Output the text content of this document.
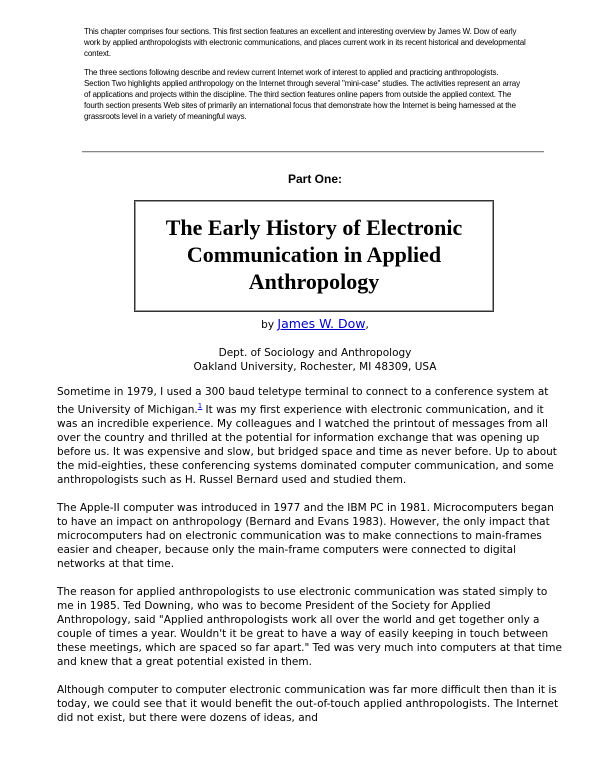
This chapter comprises four sections. This first section features an excellent and interesting overview by James W. Dow of early work by applied anthropologists with electronic communications, and places current work in its recent historical and developmental context.

The three sections following describe and review current Internet work of interest to applied and practicing anthropologists. Section Two highlights applied anthropology on the Internet through several "mini-case" studies. The activities represent an array of applications and projects within the discipline. The third section features online papers from outside the applied context. The fourth section presents Web sites of primarily an international focus that demonstrate how the Internet is being harnessed at the grassroots level in a variety of meaningful ways.

Part One:
The Early History of Electronic Communication in Applied Anthropology
by James W. Dow,
Dept. of Sociology and Anthropology
Oakland University, Rochester, MI 48309, USA

Sometime in 1979, I used a 300 baud teletype terminal to connect to a conference system at the University of Michigan.$^1$ It was my first experience with electronic communication, and it was an incredible experience. My colleagues and I watched the printout of messages from all over the country and thrilled at the potential for information exchange that was opening up before us. It was expensive and slow, but bridged space and time as never before. Up to about the mid-eighties, these conferencing systems dominated computer communication, and some anthropologists such as H. Russel Bernard used and studied them.

The Apple-II computer was introduced in 1977 and the IBM PC in 1981. Microcomputers began to have an impact on anthropology (Bernard and Evans 1983). However, the only impact that microcomputers had on electronic communication was to make connections to main-frames easier and cheaper, because only the main-frame computers were connected to digital networks at that time.

The reason for applied anthropologists to use electronic communication was stated simply to me in 1985. Ted Downing, who was to become President of the Society for Applied Anthropology, said "Applied anthropologists work all over the world and get together only a couple of times a year. Wouldn't it be great to have a way of easily keeping in touch between these meetings, which are spaced so far apart." Ted was very much into computers at that time and knew that a great potential existed in them.

Although computer to computer electronic communication was far more difficult then than it is today, we could see that it would benefit the out-of-touch applied anthropologists. The Internet did not exist, but there were dozens of ideas, and
